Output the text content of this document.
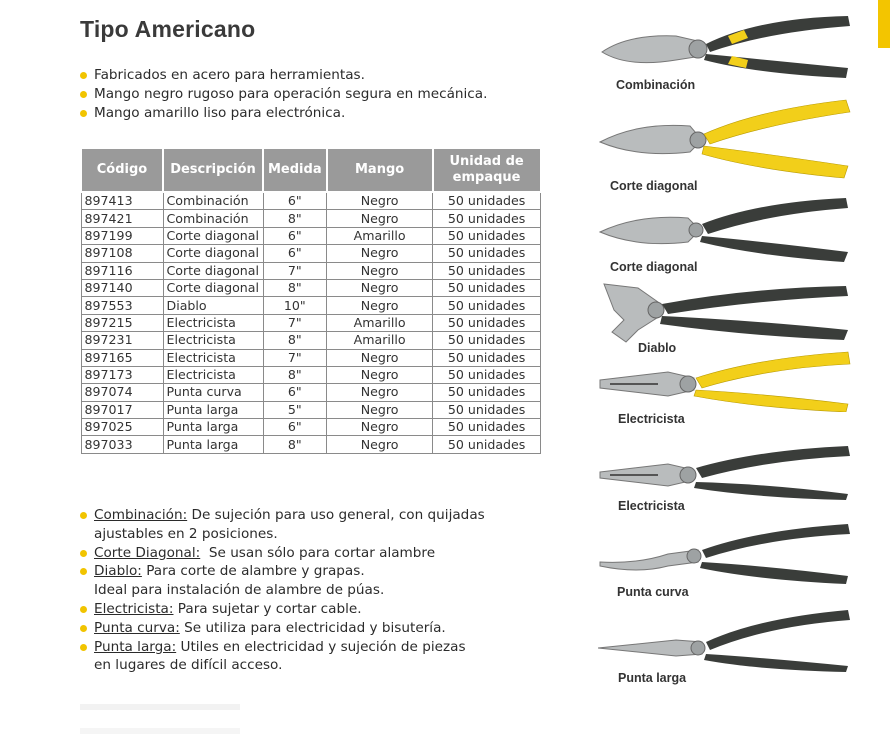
Tipo Americano
Fabricados en acero para herramientas.
Mango negro rugoso para operación segura en mecánica.
Mango amarillo liso para electrónica.
Código	Descripción	Medida	Mango	Unidad de
empaque
897413	Combinación	6"	Negro	50 unidades
897421	Combinación	8"	Negro	50 unidades
897199	Corte diagonal	6"	Amarillo	50 unidades
897108	Corte diagonal	6"	Negro	50 unidades
897116	Corte diagonal	7"	Negro	50 unidades
897140	Corte diagonal	8"	Negro	50 unidades
897553	Diablo	10"	Negro	50 unidades
897215	Electricista	7"	Amarillo	50 unidades
897231	Electricista	8"	Amarillo	50 unidades
897165	Electricista	7"	Negro	50 unidades
897173	Electricista	8"	Negro	50 unidades
897074	Punta curva	6"	Negro	50 unidades
897017	Punta larga	5"	Negro	50 unidades
897025	Punta larga	6"	Negro	50 unidades
897033	Punta larga	8"	Negro	50 unidades
Combinación: De sujeción para uso general, con quijadas
ajustables en 2 posiciones.
Corte Diagonal:  Se usan sólo para cortar alambre
Diablo: Para corte de alambre y grapas.
Ideal para instalación de alambre de púas.
Electricista: Para sujetar y cortar cable.
Punta curva: Se utiliza para electricidad y bisutería.
Punta larga: Utiles en electricidad y sujeción de piezas
en lugares de difícil acceso.
Combinación
Corte diagonal
Corte diagonal
Diablo
Electricista
Electricista
Punta curva
Punta larga
